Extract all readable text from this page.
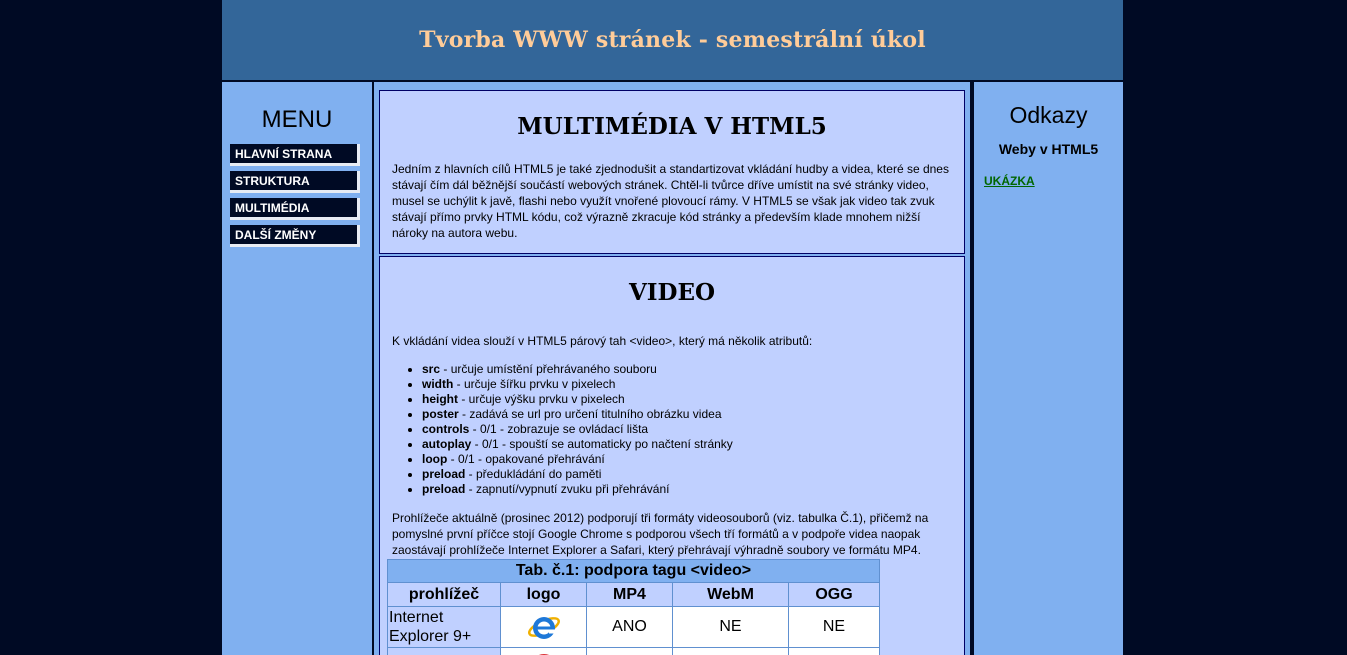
Tvorba WWW stránek - semestrální úkol
MENU
HLAVNÍ STRANA
STRUKTURA
MULTIMÉDIA
DALŠÍ ZMĚNY
MULTIMÉDIA V HTML5

Jedním z hlavních cílů HTML5 je také zjednodušit a standartizovat vkládání hudby a videa, které se dnes stávají čím dál běžnější součástí webových stránek. Chtěl-li tvůrce dříve umístit na své stránky video, musel se uchýlit k javě, flashi nebo využít vnořené plovoucí rámy. V HTML5 se však jak video tak zvuk stávají přímo prvky HTML kódu, což výrazně zkracuje kód stránky a především klade mnohem nižší nároky na autora webu.

VIDEO

K vkládání videa slouží v HTML5 párový tah <video>, který má několik atributů:

• src - určuje umístění přehrávaného souboru
• width - určuje šířku prvku v pixelech
• height - určuje výšku prvku v pixelech
• poster - zadává se url pro určení titulního obrázku videa
• controls - 0/1 - zobrazuje se ovládací lišta
• autoplay - 0/1 - spouští se automaticky po načtení stránky
• loop - 0/1 - opakované přehrávání
• preload - předukládání do paměti
• preload - zapnutí/vypnutí zvuku při přehrávání

Prohlížeče aktuálně (prosinec 2012) podporují tři formáty videosouborů (viz. tabulka Č.1), přičemž na pomyslné první příčce stojí Google Chrome s podporou všech tří formátů a v podpoře videa naopak zaostávají prohlížeče Internet Explorer a Safari, který přehrávají výhradně soubory ve formátu MP4.

Tab. č.1: podpora tagu <video>				
prohlížeč	logo	MP4	WebM	OGG
Internet Explorer 9+		ANO	NE	NE

Odkazy
Weby v HTML5
UKÁZKA
